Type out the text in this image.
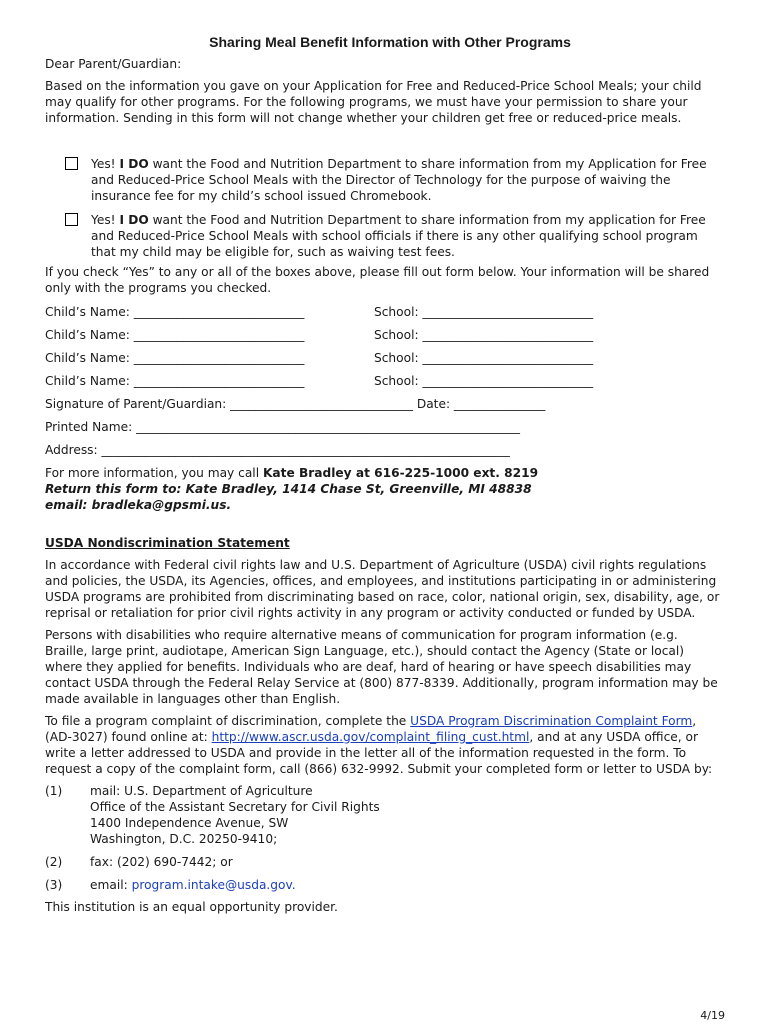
Sharing Meal Benefit Information with Other Programs

Dear Parent/Guardian:

Based on the information you gave on your Application for Free and Reduced-Price School Meals; your child may qualify for other programs. For the following programs, we must have your permission to share your information. Sending in this form will not change whether your children get free or reduced-price meals.

Yes! I DO want the Food and Nutrition Department to share information from my Application for Free and Reduced-Price School Meals with the Director of Technology for the purpose of waiving the insurance fee for my child’s school issued Chromebook.
Yes! I DO want the Food and Nutrition Department to share information from my application for Free and Reduced-Price School Meals with school officials if there is any other qualifying school program that my child may be eligible for, such as waiving test fees.

If you check “Yes” to any or all of the boxes above, please fill out form below. Your information will be shared only with the programs you checked.

Child’s Name: ____________________________	School: ____________________________
Child’s Name: ____________________________	School: ____________________________
Child’s Name: ____________________________	School: ____________________________
Child’s Name: ____________________________	School: ____________________________
Signature of Parent/Guardian: ______________________________ Date: _______________
Printed Name: _______________________________________________________________
Address: ___________________________________________________________________

For more information, you may call Kate Bradley at 616-225-1000 ext. 8219

Return this form to: Kate Bradley, 1414 Chase St, Greenville, MI 48838

email: bradleka@gpsmi.us.

USDA Nondiscrimination Statement

In accordance with Federal civil rights law and U.S. Department of Agriculture (USDA) civil rights regulations and policies, the USDA, its Agencies, offices, and employees, and institutions participating in or administering USDA programs are prohibited from discriminating based on race, color, national origin, sex, disability, age, or reprisal or retaliation for prior civil rights activity in any program or activity conducted or funded by USDA.

Persons with disabilities who require alternative means of communication for program information (e.g. Braille, large print, audiotape, American Sign Language, etc.), should contact the Agency (State or local) where they applied for benefits. Individuals who are deaf, hard of hearing or have speech disabilities may contact USDA through the Federal Relay Service at (800) 877-8339. Additionally, program information may be made available in languages other than English.

To file a program complaint of discrimination, complete the USDA Program Discrimination Complaint Form, (AD-3027) found online at: http://www.ascr.usda.gov/complaint_filing_cust.html, and at any USDA office, or write a letter addressed to USDA and provide in the letter all of the information requested in the form. To request a copy of the complaint form, call (866) 632-9992. Submit your completed form or letter to USDA by:

(1) mail: U.S. Department of Agriculture
Office of the Assistant Secretary for Civil Rights
1400 Independence Avenue, SW
Washington, D.C. 20250-9410;
(2) fax: (202) 690-7442; or
(3) email: program.intake@usda.gov.

This institution is an equal opportunity provider.

4/19
